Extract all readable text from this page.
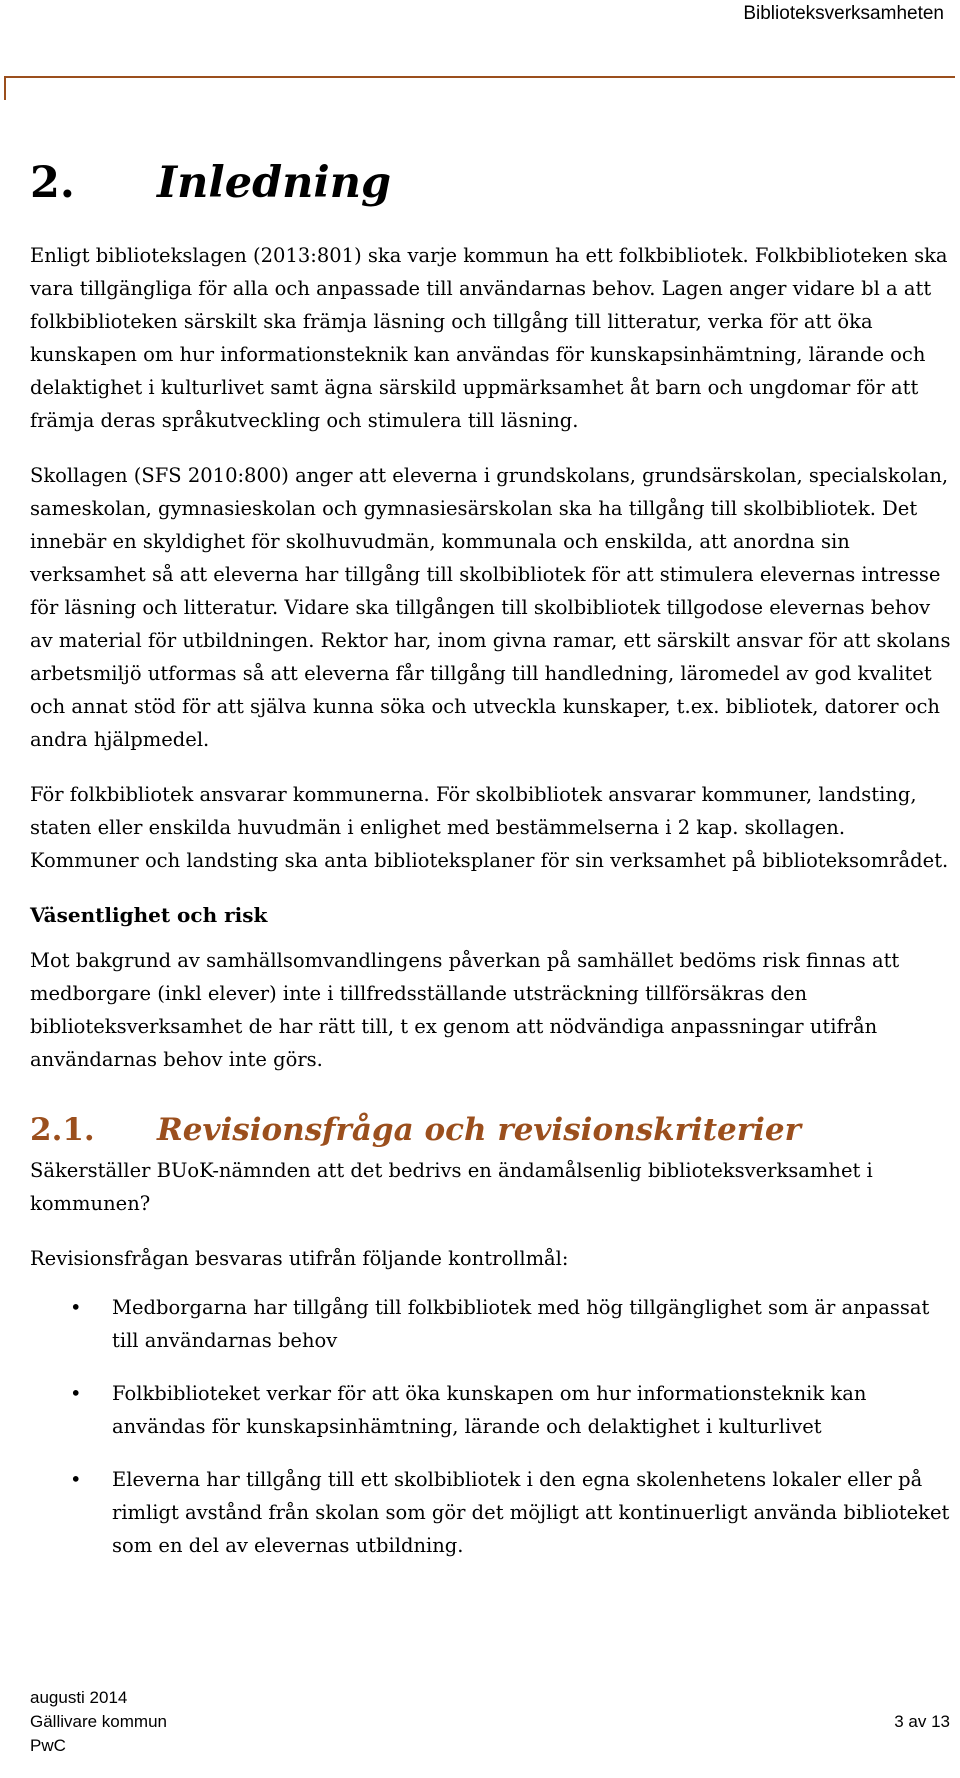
Biblioteksverksamheten
2. Inledning

Enligt bibliotekslagen (2013:801) ska varje kommun ha ett folkbibliotek. Folkbiblioteken ska vara tillgängliga för alla och anpassade till användarnas behov. Lagen anger vidare bl a att folkbiblioteken särskilt ska främja läsning och tillgång till litteratur, verka för att öka kunskapen om hur informationsteknik kan användas för kunskapsinhämtning, lärande och delaktighet i kulturlivet samt ägna särskild uppmärksamhet åt barn och ungdomar för att främja deras språkutveckling och stimulera till läsning.

Skollagen (SFS 2010:800) anger att eleverna i grundskolans, grundsärskolan, specialskolan, sameskolan, gymnasieskolan och gymnasiesärskolan ska ha tillgång till skolbibliotek. Det innebär en skyldighet för skolhuvudmän, kommunala och enskilda, att anordna sin verksamhet så att eleverna har tillgång till skolbibliotek för att stimulera elevernas intresse för läsning och litteratur. Vidare ska tillgången till skolbibliotek tillgodose elevernas behov av material för utbildningen. Rektor har, inom givna ramar, ett särskilt ansvar för att skolans arbetsmiljö utformas så att eleverna får tillgång till handledning, läromedel av god kvalitet och annat stöd för att själva kunna söka och utveckla kunskaper, t.ex. bibliotek, datorer och andra hjälpmedel.

För folkbibliotek ansvarar kommunerna. För skolbibliotek ansvarar kommuner, landsting, staten eller enskilda huvudmän i enlighet med bestämmelserna i 2 kap. skollagen. Kommuner och landsting ska anta biblioteksplaner för sin verksamhet på biblioteksområdet.

Väsentlighet och risk

Mot bakgrund av samhällsomvandlingens påverkan på samhället bedöms risk finnas att medborgare (inkl elever) inte i tillfredsställande utsträckning tillförsäkras den biblioteksverksamhet de har rätt till, t ex genom att nödvändiga anpassningar utifrån användarnas behov inte görs.

2.1. Revisionsfråga och revisionskriterier

Säkerställer BUoK-nämnden att det bedrivs en ändamålsenlig biblioteksverksamhet i kommunen?

Revisionsfrågan besvaras utifrån följande kontrollmål:

• Medborgarna har tillgång till folkbibliotek med hög tillgänglighet som är anpassat till användarnas behov
• Folkbiblioteket verkar för att öka kunskapen om hur informationsteknik kan användas för kunskapsinhämtning, lärande och delaktighet i kulturlivet
• Eleverna har tillgång till ett skolbibliotek i den egna skolenhetens lokaler eller på rimligt avstånd från skolan som gör det möjligt att kontinuerligt använda biblioteket som en del av elevernas utbildning.
augusti 2014
Gällivare kommun
PwC
3 av 13
